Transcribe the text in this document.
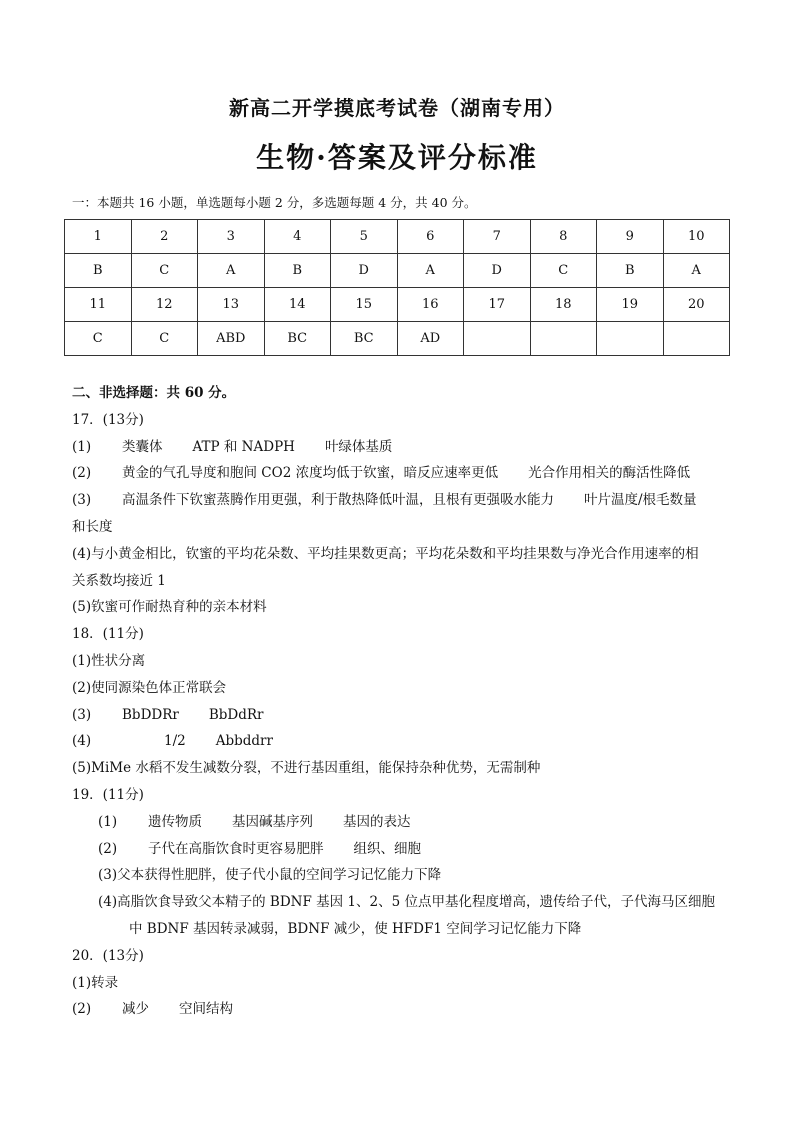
新高二开学摸底考试卷（湖南专用）
生物·答案及评分标准
一：本题共 16 小题，单选题每小题 2 分，多选题每题 4 分，共 40 分。
1	2	3	4	5	6	7	8	9	10
B	C	A	B	D	A	D	C	B	A
11	12	13	14	15	16	17	18	19	20
C	C	ABD	BC	BC	AD				
二、非选择题：共 60 分。
17．(13分)
(1) 类囊体 ATP 和 NADPH 叶绿体基质
(2) 黄金的气孔导度和胞间 CO2 浓度均低于钦蜜，暗反应速率更低 光合作用相关的酶活性降低
(3) 高温条件下钦蜜蒸腾作用更强，利于散热降低叶温，且根有更强吸水能力 叶片温度/根毛数量
和长度
(4)与小黄金相比，钦蜜的平均花朵数、平均挂果数更高；平均花朵数和平均挂果数与净光合作用速率的相
关系数均接近 1
(5)钦蜜可作耐热育种的亲本材料
18．(11分)
(1)性状分离
(2)使同源染色体正常联会
(3) BbDDRr BbDdRr
(4)	1/2 Abbddrr
(5)MiMe 水稻不发生减数分裂，不进行基因重组，能保持杂种优势，无需制种
19．(11分)
(1) 遗传物质 基因碱基序列 基因的表达
(2) 子代在高脂饮食时更容易肥胖 组织、细胞
(3)父本获得性肥胖，使子代小鼠的空间学习记忆能力下降
(4)高脂饮食导致父本精子的 BDNF 基因 1、2、5 位点甲基化程度增高，遗传给子代，子代海马区细胞
中 BDNF 基因转录减弱，BDNF 减少，使 HFDF1 空间学习记忆能力下降
20．(13分)
(1)转录
(2) 减少 空间结构
